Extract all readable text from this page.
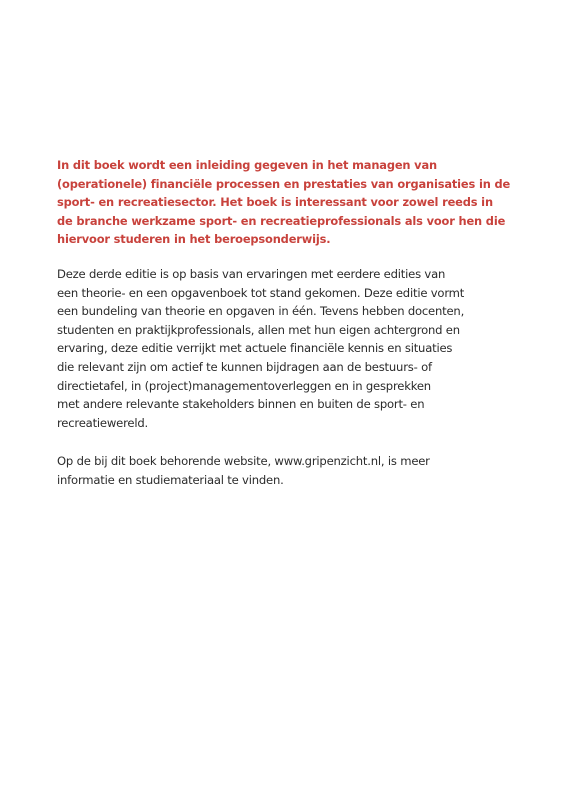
In dit boek wordt een inleiding gegeven in het managen van
(operationele) financiële processen en prestaties van organisaties in de
sport- en recreatiesector. Het boek is interessant voor zowel reeds in
de branche werkzame sport- en recreatieprofessionals als voor hen die
hiervoor studeren in het beroepsonderwijs.

Deze derde editie is op basis van ervaringen met eerdere edities van
een theorie- en een opgavenboek tot stand gekomen. Deze editie vormt
een bundeling van theorie en opgaven in één. Tevens hebben docenten,
studenten en praktijkprofessionals, allen met hun eigen achtergrond en
ervaring, deze editie verrijkt met actuele financiële kennis en situaties
die relevant zijn om actief te kunnen bijdragen aan de bestuurs- of
directietafel, in (project)managementoverleggen en in gesprekken
met andere relevante stakeholders binnen en buiten de sport- en
recreatiewereld.

Op de bij dit boek behorende website, www.gripenzicht.nl, is meer
informatie en studiemateriaal te vinden.
